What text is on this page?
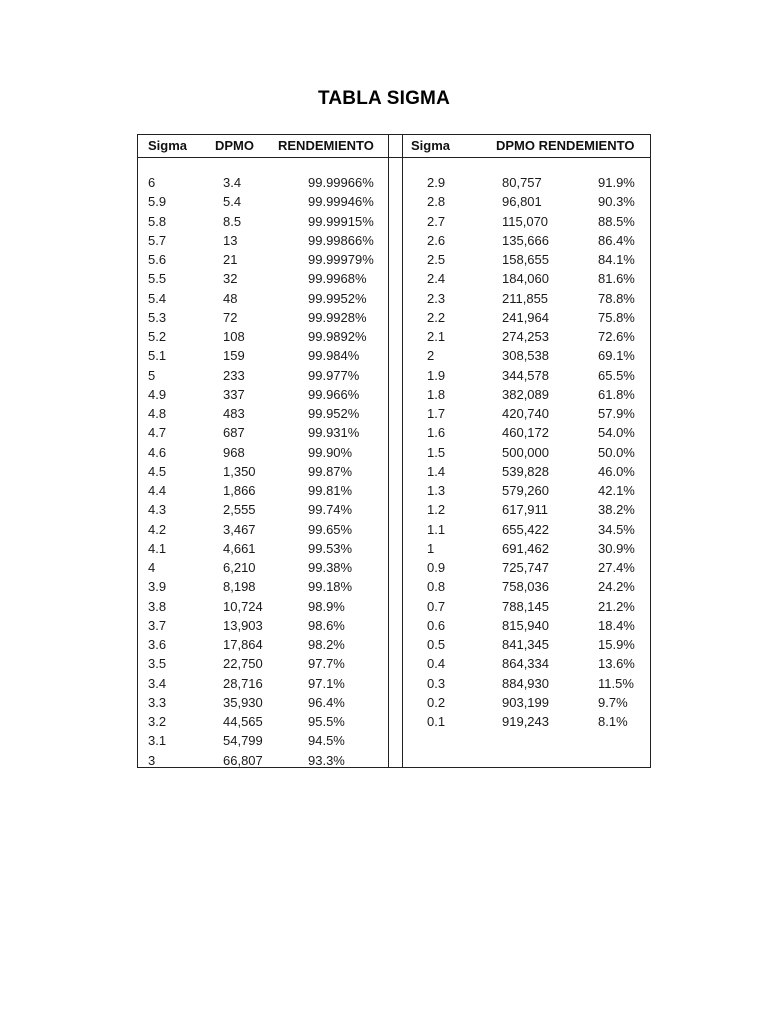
TABLA SIGMA
Sigma DPMO RENDEMIENTO	Sigma	DPMO RENDEMIENTO
6	3.4	99.99966%
5.9	5.4	99.99946%
5.8	8.5	99.99915%
5.7	13	99.99866%
5.6	21	99.99979%
5.5	32	99.9968%
5.4	48	99.9952%
5.3	72	99.9928%
5.2	108	99.9892%
5.1	159	99.984%
5	233	99.977%
4.9	337	99.966%
4.8	483	99.952%
4.7	687	99.931%
4.6	968	99.90%
4.5	1,350	99.87%
4.4	1,866	99.81%
4.3	2,555	99.74%
4.2	3,467	99.65%
4.1	4,661	99.53%
4	6,210	99.38%
3.9	8,198	99.18%
3.8	10,724	98.9%
3.7	13,903	98.6%
3.6	17,864	98.2%
3.5	22,750	97.7%
3.4	28,716	97.1%
3.3	35,930	96.4%
3.2	44,565	95.5%
3.1	54,799	94.5%
3	66,807	93.3%
2.9	80,757	91.9%
2.8	96,801	90.3%
2.7	115,070	88.5%
2.6	135,666	86.4%
2.5	158,655	84.1%
2.4	184,060	81.6%
2.3	211,855	78.8%
2.2	241,964	75.8%
2.1	274,253	72.6%
2	308,538	69.1%
1.9	344,578	65.5%
1.8	382,089	61.8%
1.7	420,740	57.9%
1.6	460,172	54.0%
1.5	500,000	50.0%
1.4	539,828	46.0%
1.3	579,260	42.1%
1.2	617,911	38.2%
1.1	655,422	34.5%
1	691,462	30.9%
0.9	725,747	27.4%
0.8	758,036	24.2%
0.7	788,145	21.2%
0.6	815,940	18.4%
0.5	841,345	15.9%
0.4	864,334	13.6%
0.3	884,930	11.5%
0.2	903,199	9.7%
0.1	919,243	8.1%
